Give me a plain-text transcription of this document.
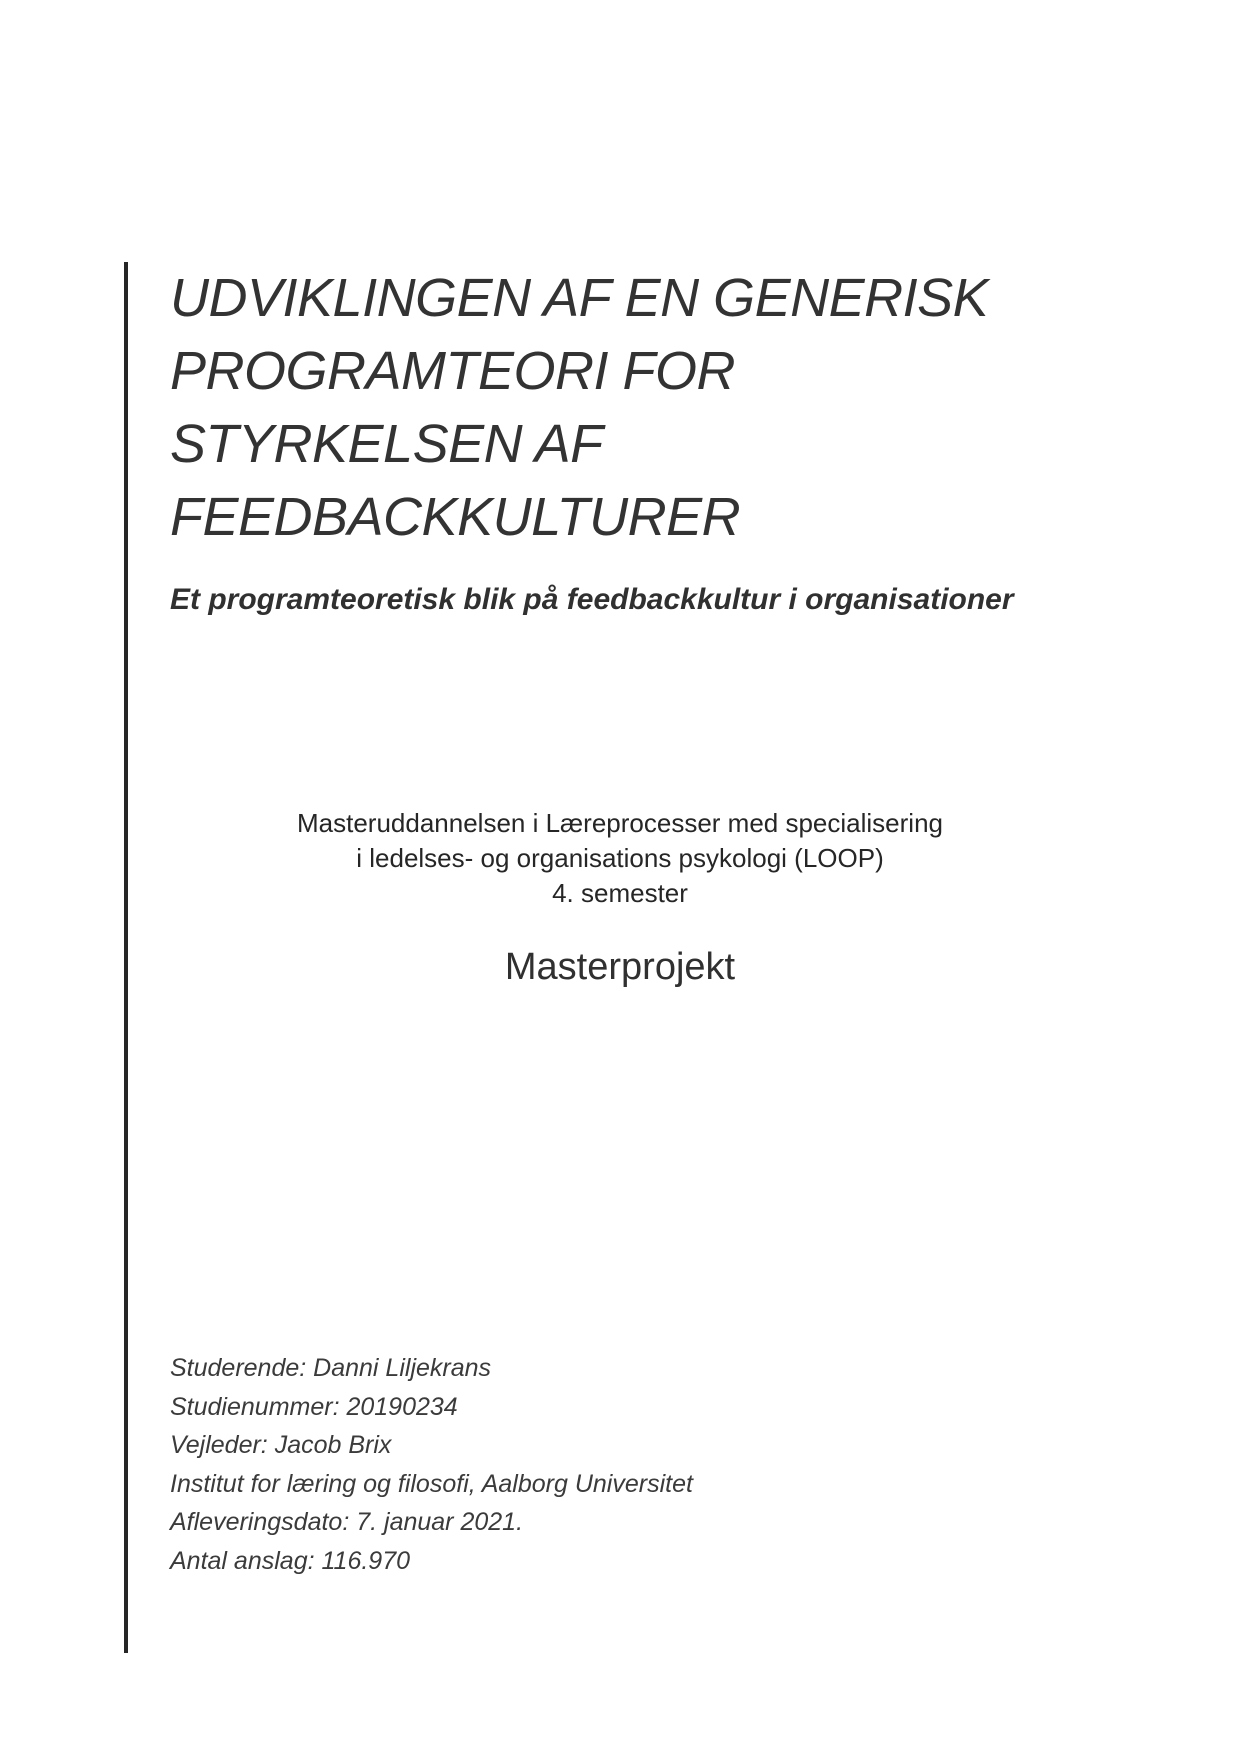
UDVIKLINGEN AF EN GENERISK
PROGRAMTEORI FOR STYRKELSEN AF
FEEDBACKKULTURER
Et programteoretisk blik på feedbackkultur i organisationer
Masteruddannelsen i Læreprocesser med specialisering
i ledelses- og organisations psykologi (LOOP)
4. semester
Masterprojekt
Studerende: Danni Liljekrans
Studienummer: 20190234
Vejleder: Jacob Brix
Institut for læring og filosofi, Aalborg Universitet
Afleveringsdato: 7. januar 2021.
Antal anslag: 116.970
